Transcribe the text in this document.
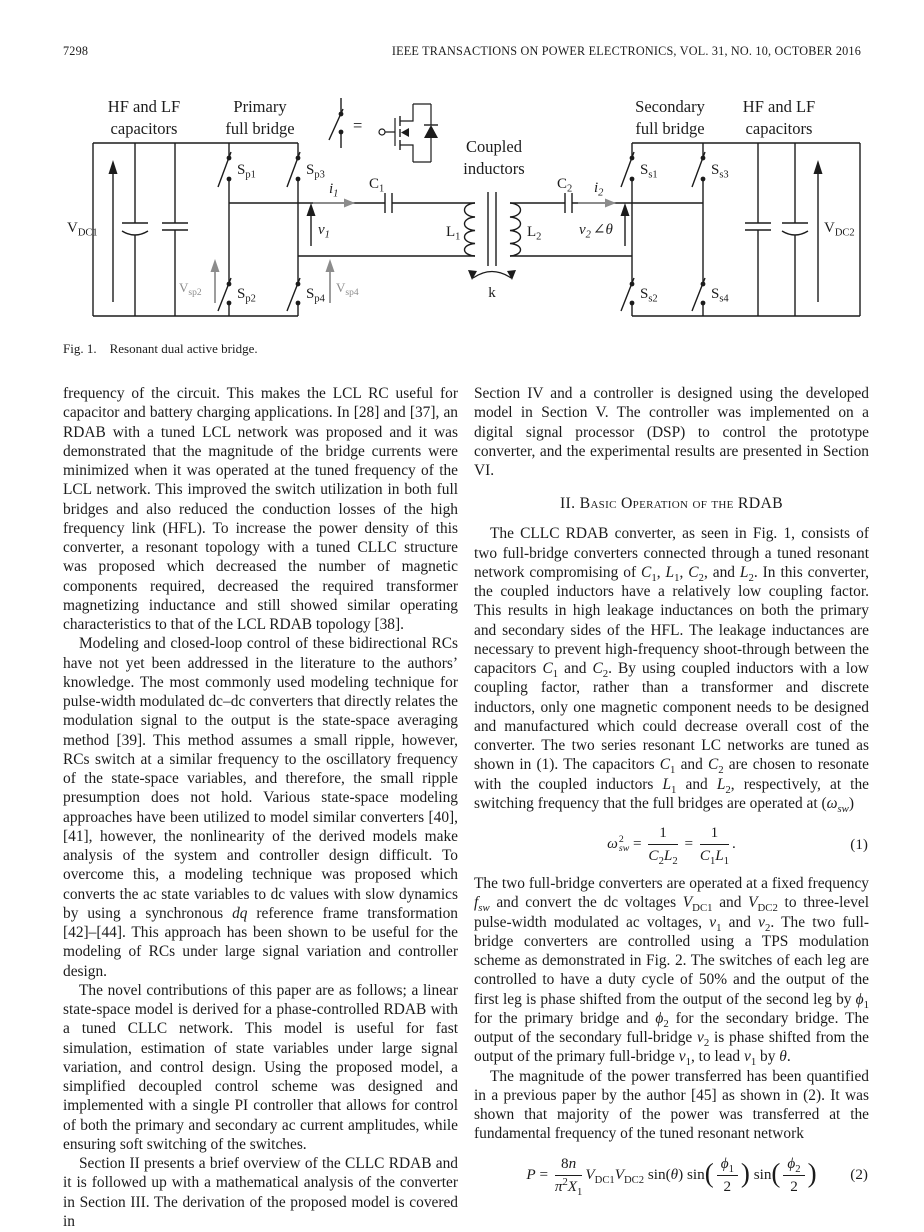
7298	IEEE TRANSACTIONS ON POWER ELECTRONICS, VOL. 31, NO. 10, OCTOBER 2016
HF and LF
capacitors
Primary
full bridge
Secondary
full bridge
HF and LF
capacitors
Coupled
inductors
=
$V_{DC1}$
$S_{p1}$
$S_{p2}$
$S_{p3}$
$S_{p4}$
$V_{sp2}$	$V_{sp4}$
$C_1$
$i_1$
$v_1$	$L_1$	$L_2$
k
$C_2$ $i_2$
$v_2$ ∠θ
$S_{s1}$
$S_{s2}$
$S_{s3}$
$S_{s4}$
$V_{DC2}$
Fig. 1. Resonant dual active bridge.

frequency of the circuit. This makes the LCL RC useful for capacitor and battery charging applications. In [28] and [37], an RDAB with a tuned LCL network was proposed and it was demonstrated that the magnitude of the bridge currents were minimized when it was operated at the tuned frequency of the LCL network. This improved the switch utilization in both full bridges and also reduced the conduction losses of the high frequency link (HFL). To increase the power density of this converter, a resonant topology with a tuned CLLC structure was proposed which decreased the number of magnetic components required, decreased the required transformer magnetizing inductance and still showed similar operating characteristics to that of the LCL RDAB topology [38].

Modeling and closed-loop control of these bidirectional RCs have not yet been addressed in the literature to the authors’ knowledge. The most commonly used modeling technique for pulse-width modulated dc–dc converters that directly relates the modulation signal to the output is the state-space averaging method [39]. This method assumes a small ripple, however, RCs switch at a similar frequency to the oscillatory frequency of the state-space variables, and therefore, the small ripple presumption does not hold. Various state-space modeling approaches have been utilized to model similar converters [40], [41], however, the nonlinearity of the derived models make analysis of the system and controller design difficult. To overcome this, a modeling technique was proposed which converts the ac state variables to dc values with slow dynamics by using a synchronous dq reference frame transformation [42]–[44]. This approach has been shown to be useful for the modeling of RCs under large signal variation and controller design.

The novel contributions of this paper are as follows; a linear state-space model is derived for a phase-controlled RDAB with a tuned CLLC network. This model is useful for fast simulation, estimation of state variables under large signal variation, and control design. Using the proposed model, a simplified decoupled control scheme was designed and implemented with a single PI controller that allows for control of both the primary and secondary ac current amplitudes, while ensuring soft switching of the switches.

Section II presents a brief overview of the CLLC RDAB and it is followed up with a mathematical analysis of the converter in Section III. The derivation of the proposed model is covered in

Section IV and a controller is designed using the developed model in Section V. The controller was implemented on a digital signal processor (DSP) to control the prototype converter, and the experimental results are presented in Section VI.

II. Basic Operation of the RDAB

The CLLC RDAB converter, as seen in Fig. 1, consists of two full-bridge converters connected through a tuned resonant network compromising of $C_1$, $L_1$, $C_2$, and $L_2$. In this converter, the coupled inductors have a relatively low coupling factor. This results in high leakage inductances on both the primary and secondary sides of the HFL. The leakage inductances are necessary to prevent high-frequency shoot-through between the capacitors $C_1$ and $C_2$. By using coupled inductors with a low coupling factor, rather than a transformer and discrete inductors, only one magnetic component needs to be designed and manufactured which could decrease overall cost of the converter. The two series resonant LC networks are tuned as shown in (1). The capacitors $C_1$ and $C_2$ are chosen to resonate with the coupled inductors $L_1$ and $L_2$, respectively, at the switching frequency that the full bridges are operated at $(\omega_{sw})$

ω 2
sw = $\frac{1}{C_2L_2} = \frac{1}{C_1L_1}$ .	(1)

The two full-bridge converters are operated at a fixed frequency $f_{sw}$ and convert the dc voltages $V_{DC1}$ and $V_{DC2}$ to three-level pulse-width modulated ac voltages, $v_1$ and $v_2$. The two full-bridge converters are controlled using a TPS modulation scheme as demonstrated in Fig. 2. The switches of each leg are controlled to have a duty cycle of 50% and the output of the first leg is phase shifted from the output of the second leg by $\phi_1$ for the primary bridge and $\phi_2$ for the secondary bridge. The output of the secondary full-bridge $v_2$ is phase shifted from the output of the primary full-bridge $v_1$, to lead $v_1$ by θ.

The magnitude of the power transferred has been quantified in a previous paper by the author [45] as shown in (2). It was shown that majority of the power was transferred at the fundamental frequency of the tuned resonant network

$P = \frac{8n}{\pi^2X_1} V_{DC1}V_{DC2}$ sin(θ) $\sin( \frac{\phi_1}{2}$ ) $\sin( \frac{\phi_2}{2}$ ) (2)
